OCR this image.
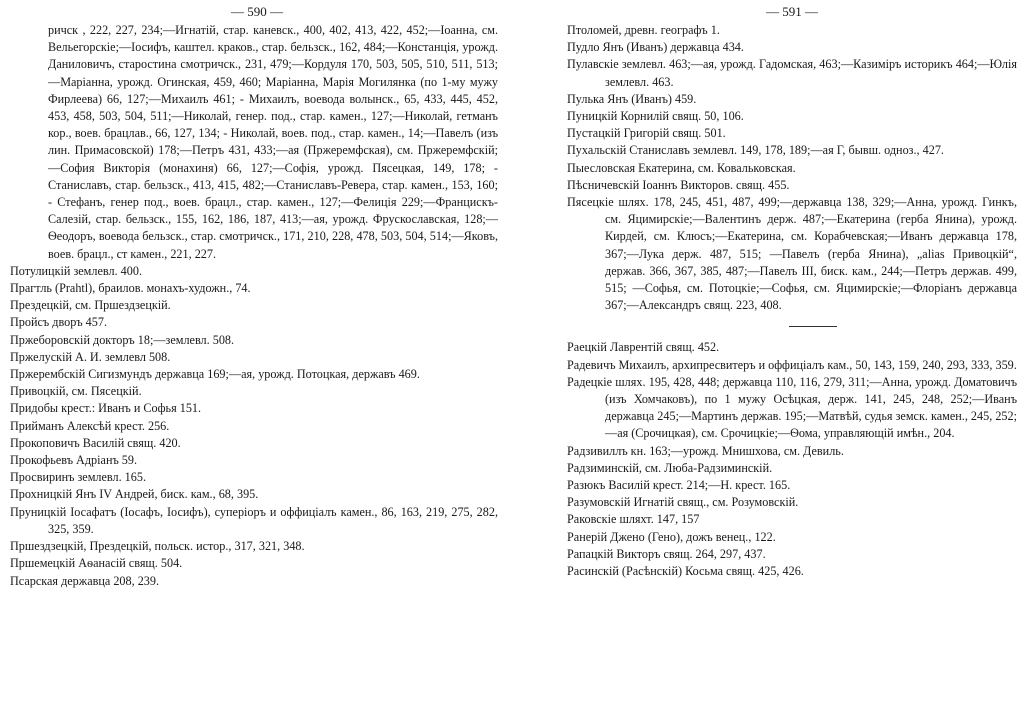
— 590 —	— 591 —
ричск , 222, 227, 234;—Игнатій, стар. каневск., 400, 402, 413, 422, 452;—Іоанна, см. Вельегорскіе;—Іосифъ, каштел. краков., стар. бельзск., 162, 484;—Констанція, урожд. Даниловичъ, старостина смотричск., 231, 479;—Кордуля 170, 503, 505, 510, 511, 513;—Маріанна, урожд. Огинская, 459, 460; Маріанна, Марія Могилянка (по 1-му мужу Фирлеева) 66, 127;—Михаилъ 461; - Михаилъ, воевода волынск., 65, 433, 445, 452, 453, 458, 503, 504, 511;—Николай, генер. под., стар. камен., 127;—Николай, гетманъ кор., воев. брацлав., 66, 127, 134; - Николай, воев. под., стар. камен., 14;—Павелъ (изъ лин. Примасовской) 178;—Петръ 431, 433;—ая (Пржеремфская), см. Пржеремфскій;—София Викторія (монахиня) 66, 127;—Софія, урожд. Пясецкая, 149, 178; - Станиславъ, стар. бельзск., 413, 415, 482;—Станиславъ-Ревера, стар. камен., 153, 160; - Стефанъ, генер под., воев. брацл., стар. камен., 127;—Фелиція 229;—Францискъ-Салезій, стар. бельзск., 155, 162, 186, 187, 413;—ая, урожд. Фрускославская, 128;—Ѳеодоръ, воевода бельзск., стар. смотричск., 171, 210, 228, 478, 503, 504, 514;—Яковъ, воев. брацл., ст камен., 221, 227.
Потулицкій землевл. 400.
Прагтль (Prahtl), браилов. монахъ-художн., 74.
Прездецкій, см. Пршездзецкій.
Пройсъ дворъ 457.
Пржеборовскій докторъ 18;—землевл. 508.
Пржелускій А. И. землевл 508.
Пржерембскій Сигизмундъ державца 169;—ая, урожд. Потоцкая, державъ 469.
Привоцкій, см. Пясецкій.
Придобы крест.: Иванъ и Софья 151.
Прийманъ Алексѣй крест. 256.
Прокоповичъ Василій свящ. 420.
Прокофьевъ Адріанъ 59.
Просвиринъ землевл. 165.
Прохницкій Янъ IV Андрей, биск. кам., 68, 395.
Пруницкій Іосафатъ (Іосафъ, Іосифъ), суперіоръ и оффиціалъ камен., 86, 163, 219, 275, 282, 325, 359.
Пршездзецкій, Прездецкій, польск. истор., 317, 321, 348.
Пршемецкій Аѳанасій свящ. 504.
Псарская державца 208, 239.
Птоломей, древн. географъ 1.
Пудло Янъ (Иванъ) державца 434.
Пулавскіе землевл. 463;—ая, урожд. Гадомская, 463;—Казиміръ историкъ 464;—Юлія землевл. 463.
Пулька Янъ (Иванъ) 459.
Пуницкій Корнилій свящ. 50, 106.
Пустацкій Григорій свящ. 501.
Пухальскій Станиславъ землевл. 149, 178, 189;—ая Г, бывш. одноз., 427.
Пыесловская Екатерина, см. Ковальковская.
Пѣсничевскій Іоаннъ Викторов. свящ. 455.
Пясецкіе шлях. 178, 245, 451, 487, 499;—державца 138, 329;—Анна, урожд. Гинкъ, см. Яцимирскіе;—Валентинъ держ. 487;—Екатерина (герба Янина), урожд. Кирдей, см. Клюсъ;—Екатерина, см. Корабчевская;—Иванъ державца 178, 367;—Лука держ. 487, 515; —Павелъ (герба Янина), „alias Привоцкій“, держав. 366, 367, 385, 487;—Павелъ III, биск. кам., 244;—Петръ держав. 499, 515; —Софья, см. Потоцкіе;—Софья, см. Яцимирскіе;—Флоріанъ державца 367;—Александръ свящ. 223, 408.
Раецкій Лаврентій свящ. 452.
Радевичъ Михаилъ, архипресвитеръ и оффиціалъ кам., 50, 143, 159, 240, 293, 333, 359.
Радецкіе шлях. 195, 428, 448; державца 110, 116, 279, 311;—Анна, урожд. Доматовичъ (изъ Хомчаковъ), по 1 мужу Осѣцкая, держ. 141, 245, 248, 252;—Иванъ державца 245;—Мартинъ держав. 195;—Матвѣй, судья земск. камен., 245, 252;—ая (Срочицкая), см. Срочицкіе;—Ѳома, управляющій имѣн., 204.
Радзивиллъ кн. 163;—урожд. Мнишхова, см. Девиль.
Радзиминскій, см. Люба-Радзиминскій.
Разюкъ Василій крест. 214;—Н. крест. 165.
Разумовскій Игнатій свящ., см. Розумовскій.
Раковскіе шляхт. 147, 157
Ранерій Джено (Гено), дожъ венец., 122.
Рапацкій Викторъ свящ. 264, 297, 437.
Расинскій (Расѣнскій) Косьма свящ. 425, 426.
